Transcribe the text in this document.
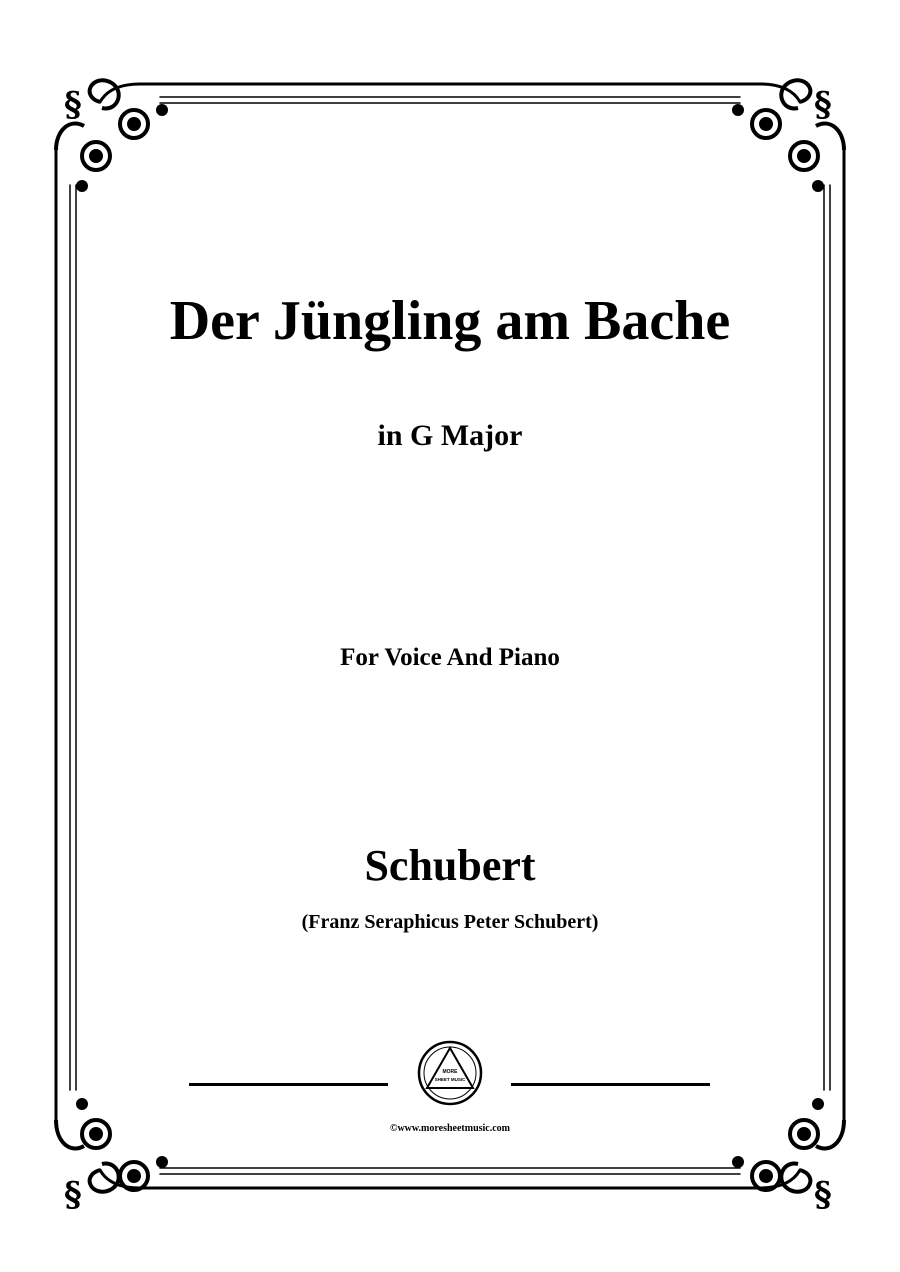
§	§
§	§
Der Jüngling am Bache
in G Major
For Voice And Piano
Schubert
(Franz Seraphicus Peter Schubert)
MORE
SHEET MUSIC
©www.moresheetmusic.com
